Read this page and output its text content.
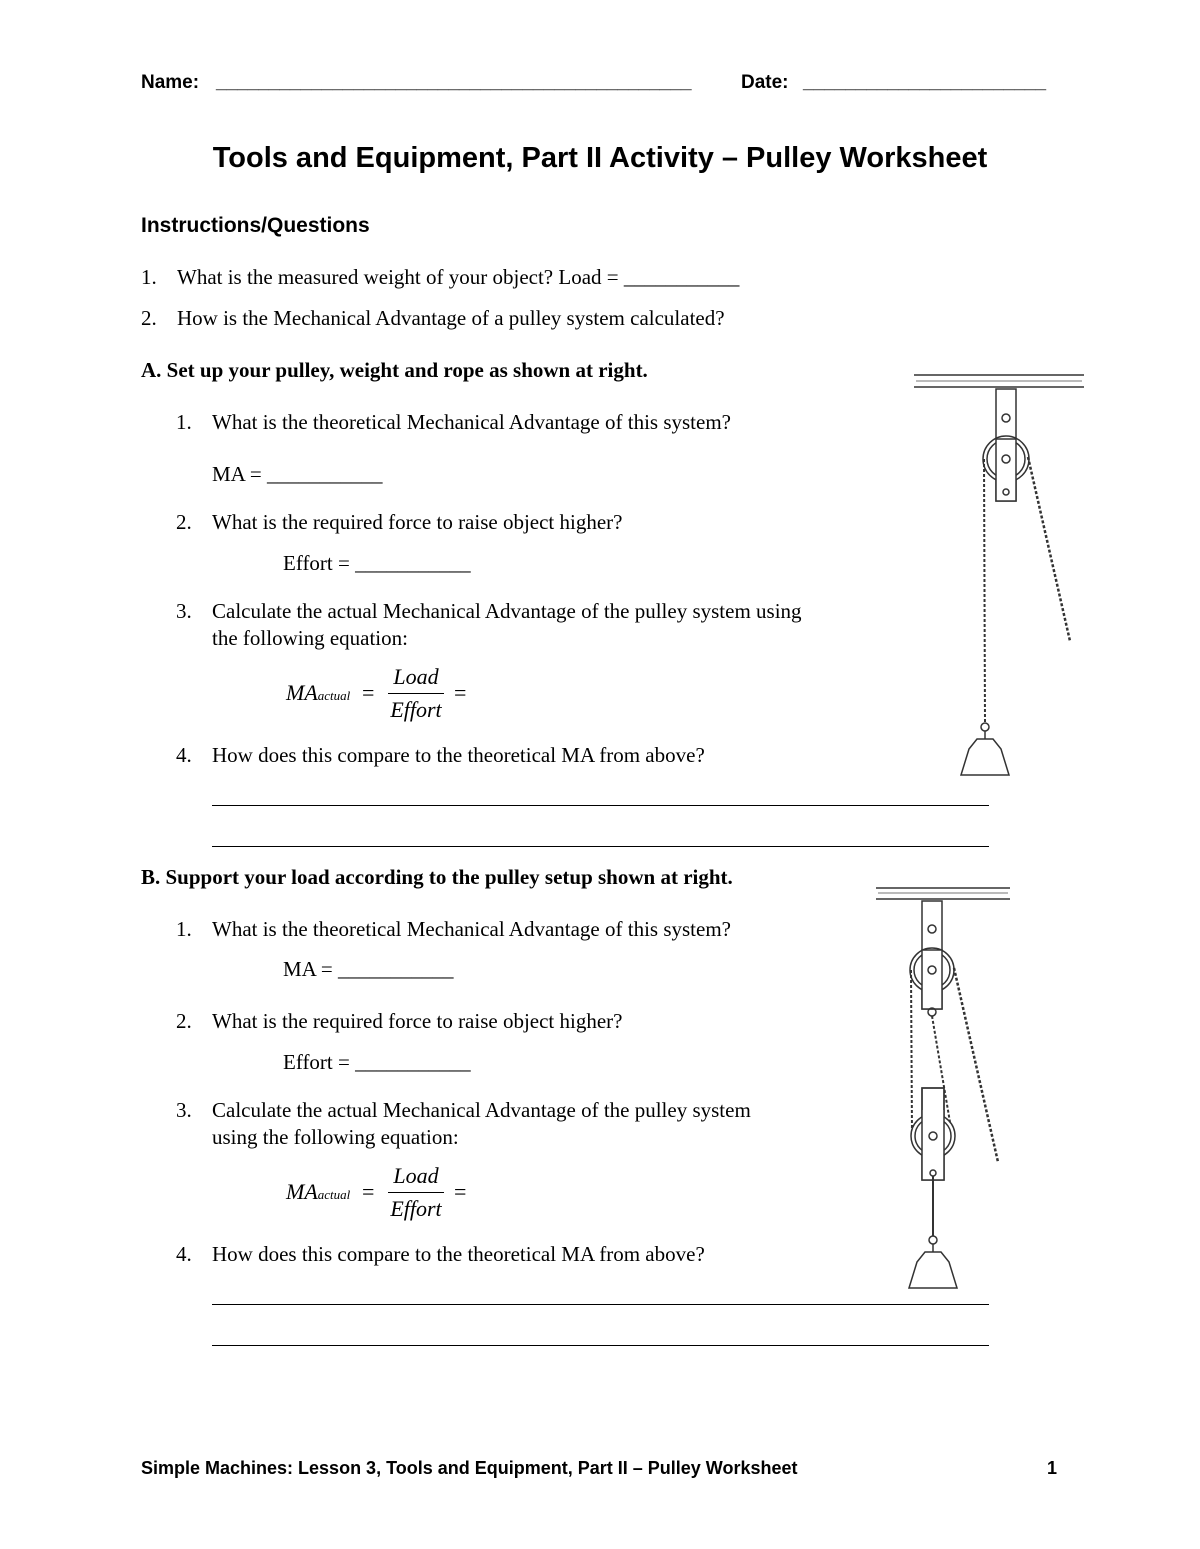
Name: _____________________________________________	Date: _______________________
Tools and Equipment, Part II Activity – Pulley Worksheet
Instructions/Questions
1. What is the measured weight of your object? Load = ___________
2. How is the Mechanical Advantage of a pulley system calculated?
A. Set up your pulley, weight and rope as shown at right.
1. What is the theoretical Mechanical Advantage of this system?
MA = ___________
2. What is the required force to raise object higher?
Effort = ___________
3. Calculate the actual Mechanical Advantage of the pulley system using
the following equation:
MAactual =
Load
Effort
=
4. How does this compare to the theoretical MA from above?
B. Support your load according to the pulley setup shown at right.
1. What is the theoretical Mechanical Advantage of this system?
MA = ___________
2. What is the required force to raise object higher?
Effort = ___________
3. Calculate the actual Mechanical Advantage of the pulley system
using the following equation:
MAactual =
Load
Effort
=
4. How does this compare to the theoretical MA from above?
Simple Machines: Lesson 3, Tools and Equipment, Part II – Pulley Worksheet	1
